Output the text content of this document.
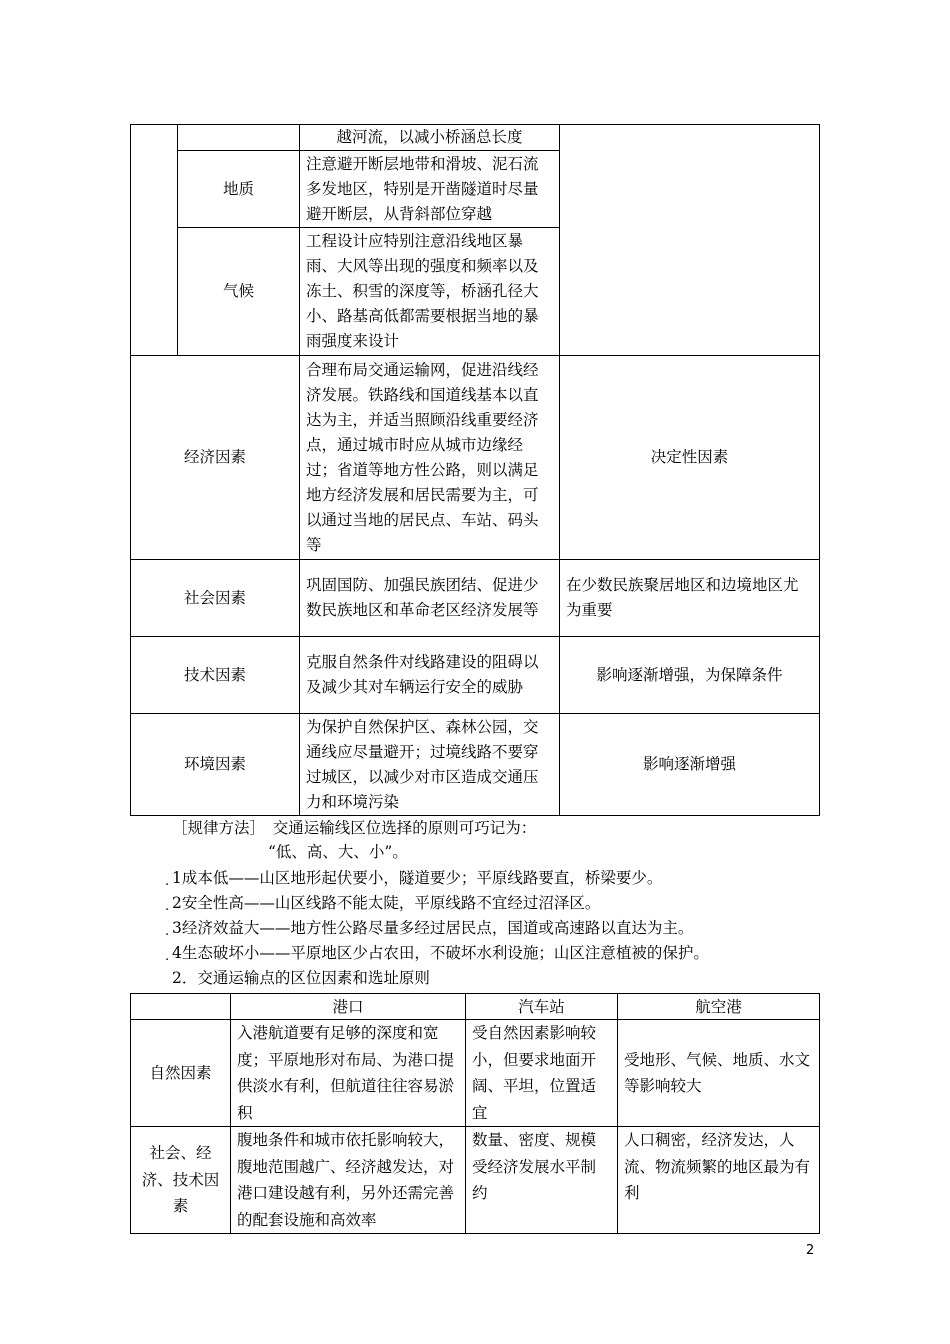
		越河流，以减小桥涵总长度	
	地质	注意避开断层地带和滑坡、泥石流多发地区，特别是开凿隧道时尽量避开断层，从背斜部位穿越	
	气候	工程设计应特别注意沿线地区暴雨、大风等出现的强度和频率以及冻土、积雪的深度等，桥涵孔径大小、路基高低都需要根据当地的暴雨强度来设计	
经济因素		合理布局交通运输网，促进沿线经济发展。铁路线和国道线基本以直达为主，并适当照顾沿线重要经济点，通过城市时应从城市边缘经过；省道等地方性公路，则以满足地方经济发展和居民需要为主，可以通过当地的居民点、车站、码头等	决定性因素
社会因素		巩固国防、加强民族团结、促进少数民族地区和革命老区经济发展等	在少数民族聚居地区和边境地区尤为重要
技术因素		克服自然条件对线路建设的阻碍以及减少其对车辆运行安全的威胁	影响逐渐增强，为保障条件
环境因素		为保护自然保护区、森林公园，交通线应尽量避开；过境线路不要穿过城区，以减少对市区造成交通压力和环境污染	影响逐渐增强
［规律方法］　交通运输线区位选择的原则可巧记为：
“低、高、大、小”。
. 1成本低——山区地形起伏要小，隧道要少；平原线路要直，桥梁要少。
. 2安全性高——山区线路不能太陡，平原线路不宜经过沼泽区。
. 3经济效益大——地方性公路尽量多经过居民点，国道或高速路以直达为主。
. 4生态破坏小——平原地区少占农田，不破坏水利设施；山区注意植被的保护。
2．交通运输点的区位因素和选址原则
	港口	汽车站	航空港
自然因素	入港航道要有足够的深度和宽度；平原地形对布局、为港口提供淡水有利，但航道往往容易淤积	受自然因素影响较小，但要求地面开阔、平坦，位置适宜	受地形、气候、地质、水文等影响较大
社会、经济、技术因素	腹地条件和城市依托影响较大，腹地范围越广、经济越发达，对港口建设越有利，另外还需完善的配套设施和高效率	数量、密度、规模受经济发展水平制约	人口稠密，经济发达，人流、物流频繁的地区最为有利
2
